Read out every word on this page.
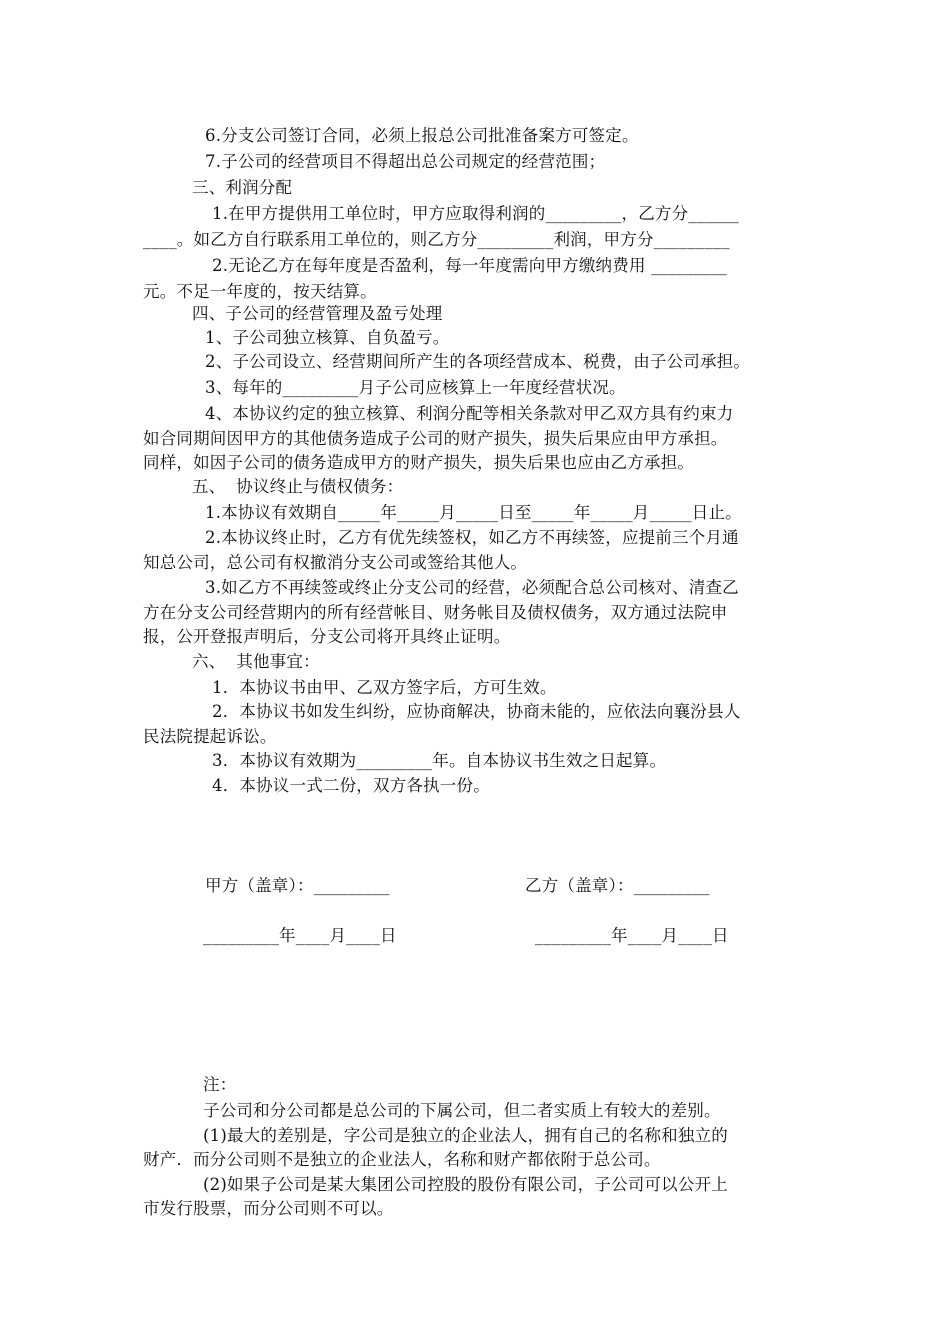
6.分支公司签订合同，必须上报总公司批准备案方可签定。
7.子公司的经营项目不得超出总公司规定的经营范围；
三、利润分配
1.在甲方提供用工单位时，甲方应取得利润的_________，乙方分______
____。如乙方自行联系用工单位的，则乙方分_________利润，甲方分_________
2.无论乙方在每年度是否盈利，每一年度需向甲方缴纳费用 _________
元。不足一年度的，按天结算。
四、子公司的经营管理及盈亏处理
1、子公司独立核算、自负盈亏。
2、子公司设立、经营期间所产生的各项经营成本、税费，由子公司承担。
3、每年的_________月子公司应核算上一年度经营状况。
4、本协议约定的独立核算、利润分配等相关条款对甲乙双方具有约束力
如合同期间因甲方的其他债务造成子公司的财产损失，损失后果应由甲方承担。
同样，如因子公司的债务造成甲方的财产损失，损失后果也应由乙方承担。
五、  协议终止与债权债务：
1.本协议有效期自_____年_____月_____日至_____年_____月_____日止。
2.本协议终止时，乙方有优先续签权，如乙方不再续签，应提前三个月通
知总公司，总公司有权撤消分支公司或签给其他人。
3.如乙方不再续签或终止分支公司的经营，必须配合总公司核对、清查乙
方在分支公司经营期内的所有经营帐目、财务帐目及债权债务，双方通过法院申
报，公开登报声明后，分支公司将开具终止证明。
六、  其他事宜：
1．本协议书由甲、乙双方签字后，方可生效。
2．本协议书如发生纠纷，应协商解决，协商未能的，应依法向襄汾县人
民法院提起诉讼。
3．本协议有效期为_________年。自本协议书生效之日起算。
4．本协议一式二份，双方各执一份。
甲方（盖章）：_________	乙方（盖章）：_________
_________年____月____日	_________年____月____日
注：
子公司和分公司都是总公司的下属公司，但二者实质上有较大的差别。
(1)最大的差别是，字公司是独立的企业法人，拥有自己的名称和独立的
财产．而分公司则不是独立的企业法人，名称和财产都依附于总公司。
(2)如果子公司是某大集团公司控股的股份有限公司，子公司可以公开上
市发行股票，而分公司则不可以。
